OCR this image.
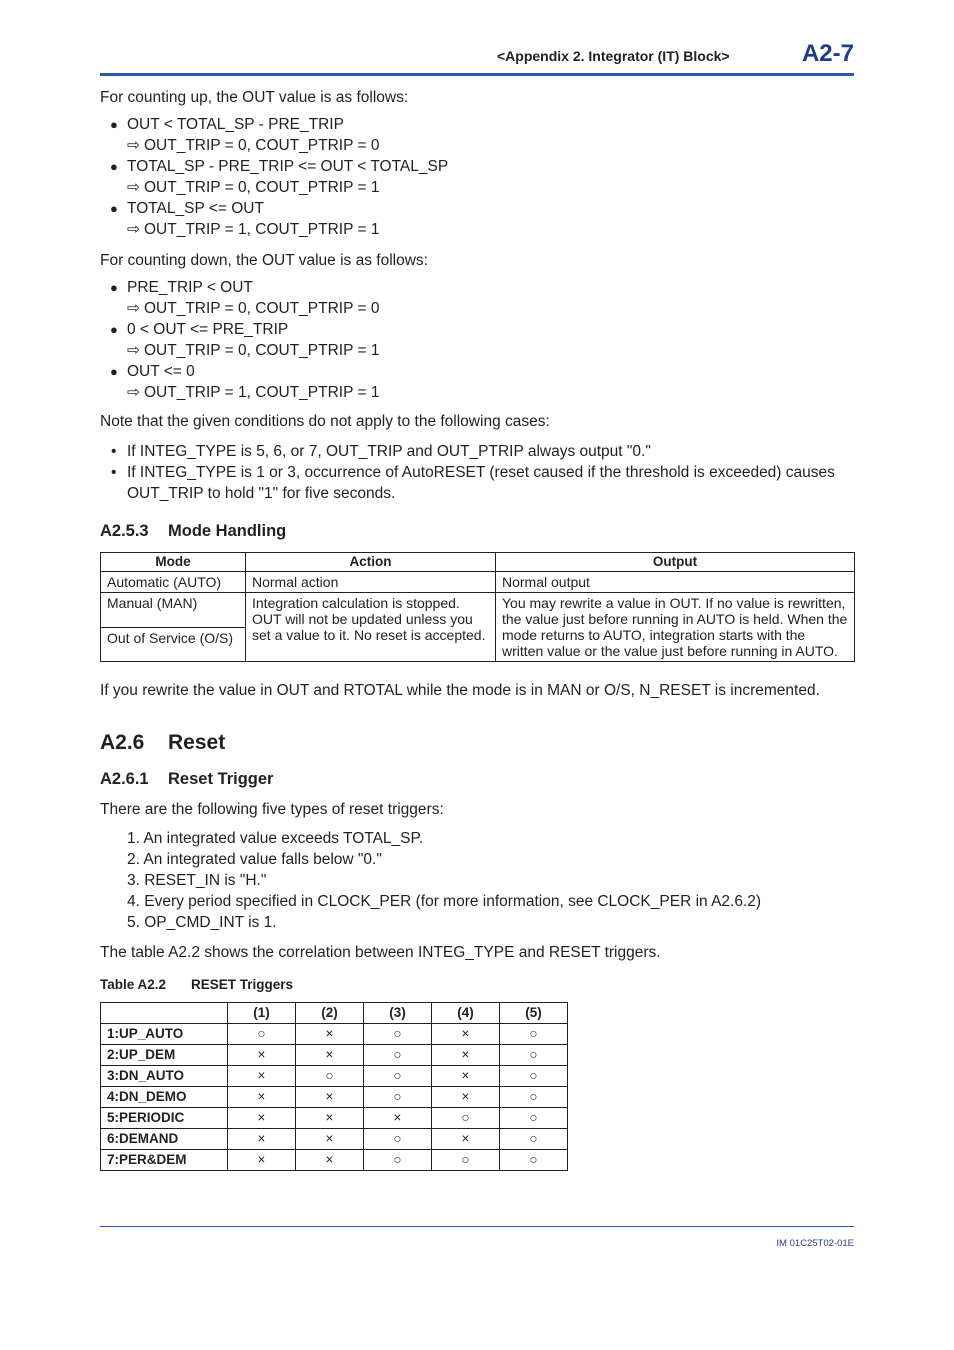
<Appendix 2. Integrator (IT) Block>	A2-7

For counting up, the OUT value is as follows:

● OUT < TOTAL_SP - PRE_TRIP
⇨ OUT_TRIP = 0, COUT_PTRIP = 0
● TOTAL_SP - PRE_TRIP <= OUT < TOTAL_SP
⇨ OUT_TRIP = 0, COUT_PTRIP = 1
● TOTAL_SP <= OUT
⇨ OUT_TRIP = 1, COUT_PTRIP = 1

For counting down, the OUT value is as follows:

● PRE_TRIP < OUT
⇨ OUT_TRIP = 0, COUT_PTRIP = 0
● 0 < OUT <= PRE_TRIP
⇨ OUT_TRIP = 0, COUT_PTRIP = 1
● OUT <= 0
⇨ OUT_TRIP = 1, COUT_PTRIP = 1

Note that the given conditions do not apply to the following cases:

• If INTEG_TYPE is 5, 6, or 7, OUT_TRIP and OUT_PTRIP always output "0."
• If INTEG_TYPE is 1 or 3, occurrence of AutoRESET (reset caused if the threshold is exceeded) causes OUT_TRIP to hold "1" for five seconds.
A2.5.3 Mode Handling
Mode	Action	Output
Automatic (AUTO)	Normal action	Normal output
Manual (MAN)	Integration calculation is stopped. OUT will not be updated unless you set a value to it. No reset is accepted.	You may rewrite a value in OUT. If no value is rewritten, the value just before running in AUTO is held. When the mode returns to AUTO, integration starts with the written value or the value just before running in AUTO.
Out of Service (O/S)		

If you rewrite the value in OUT and RTOTAL while the mode is in MAN or O/S, N_RESET is incremented.

A2.6 Reset
A2.6.1 Reset Trigger

There are the following five types of reset triggers:

1. An integrated value exceeds TOTAL_SP.
2. An integrated value falls below "0."
3. RESET_IN is "H."
4. Every period specified in CLOCK_PER (for more information, see CLOCK_PER in A2.6.2)
5. OP_CMD_INT is 1.

The table A2.2 shows the correlation between INTEG_TYPE and RESET triggers.

Table A2.2 RESET Triggers
	(1)	(2)	(3)	(4)	(5)
1:UP_AUTO	○	×	○	×	○
2:UP_DEM	×	×	○	×	○
3:DN_AUTO	×	○	○	×	○
4:DN_DEMO	×	×	○	×	○
5:PERIODIC	×	×	×	○	○
6:DEMAND	×	×	○	×	○
7:PER&DEM	×	×	○	○	○
IM 01C25T02-01E
